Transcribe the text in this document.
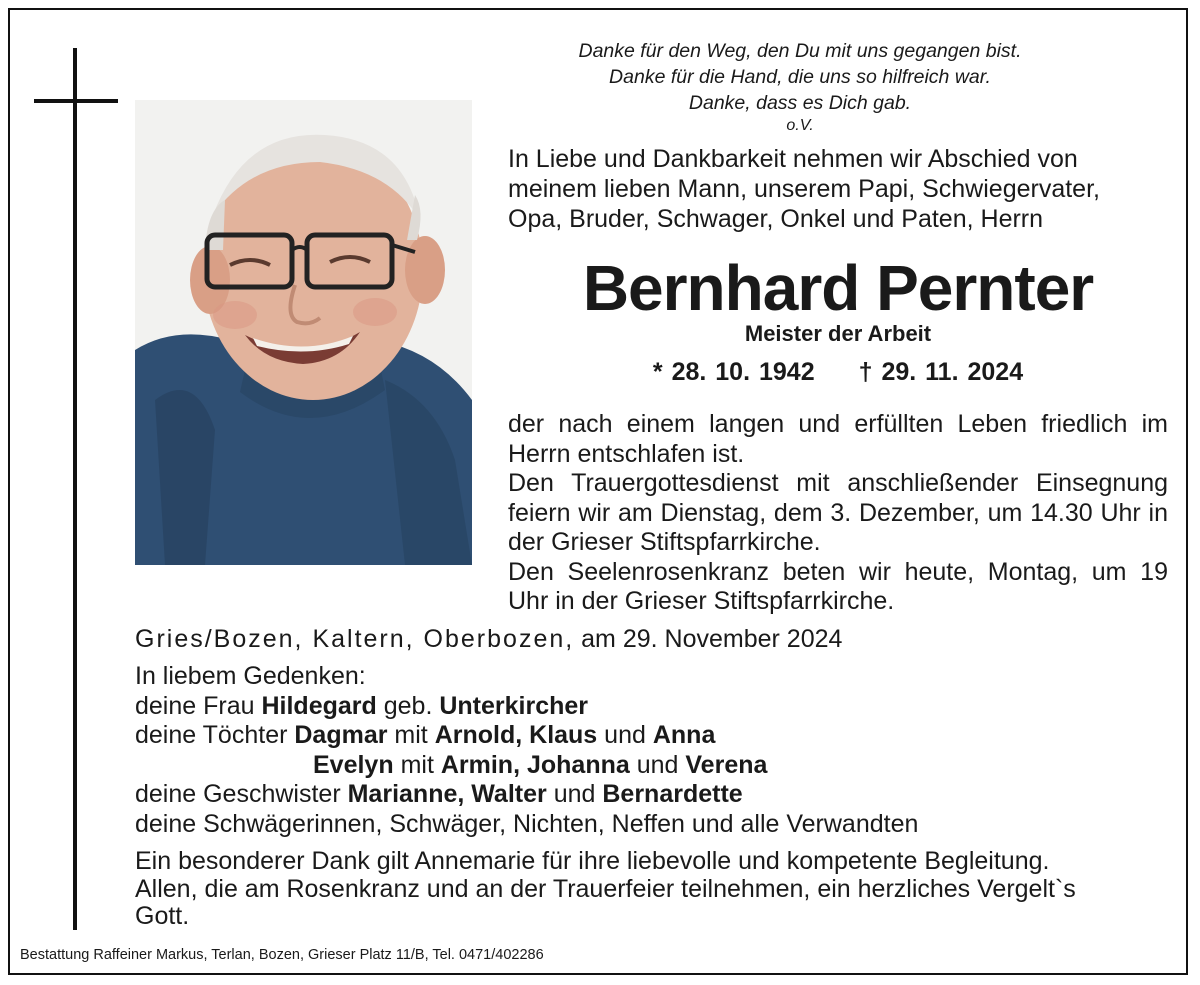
Danke für den Weg, den Du mit uns gegangen bist.
Danke für die Hand, die uns so hilfreich war.
Danke, dass es Dich gab.
o.V.
In Liebe und Dankbarkeit nehmen wir Abschied von
meinem lieben Mann, unserem Papi, Schwiegervater,
Opa, Bruder, Schwager, Onkel und Paten, Herrn
Bernhard Pernter
Meister der Arbeit
* 28. 10. 1942 † 29. 11. 2024

der nach einem langen und erfüllten Leben friedlich im Herrn entschlafen ist.

Den Trauergottesdienst mit anschließender Einsegnung feiern wir am Dienstag, dem 3. Dezember, um 14.30 Uhr in der Grieser Stiftspfarrkirche.

Den Seelenrosenkranz beten wir heute, Montag, um 19 Uhr in der Grieser Stiftspfarrkirche.

Gries/Bozen, Kaltern, Oberbozen, am 29. November 2024
In liebem Gedenken:
deine Frau Hildegard geb. Unterkircher
deine Töchter Dagmar mit Arnold, Klaus und Anna
Evelyn mit Armin, Johanna und Verena
deine Geschwister Marianne, Walter und Bernardette
deine Schwägerinnen, Schwäger, Nichten, Neffen und alle Verwandten
Ein besonderer Dank gilt Annemarie für ihre liebevolle und kompetente Begleitung.
Allen, die am Rosenkranz und an der Trauerfeier teilnehmen, ein herzliches Vergelt`s
Gott.
Bestattung Raffeiner Markus, Terlan, Bozen, Grieser Platz 11/B, Tel. 0471/402286
